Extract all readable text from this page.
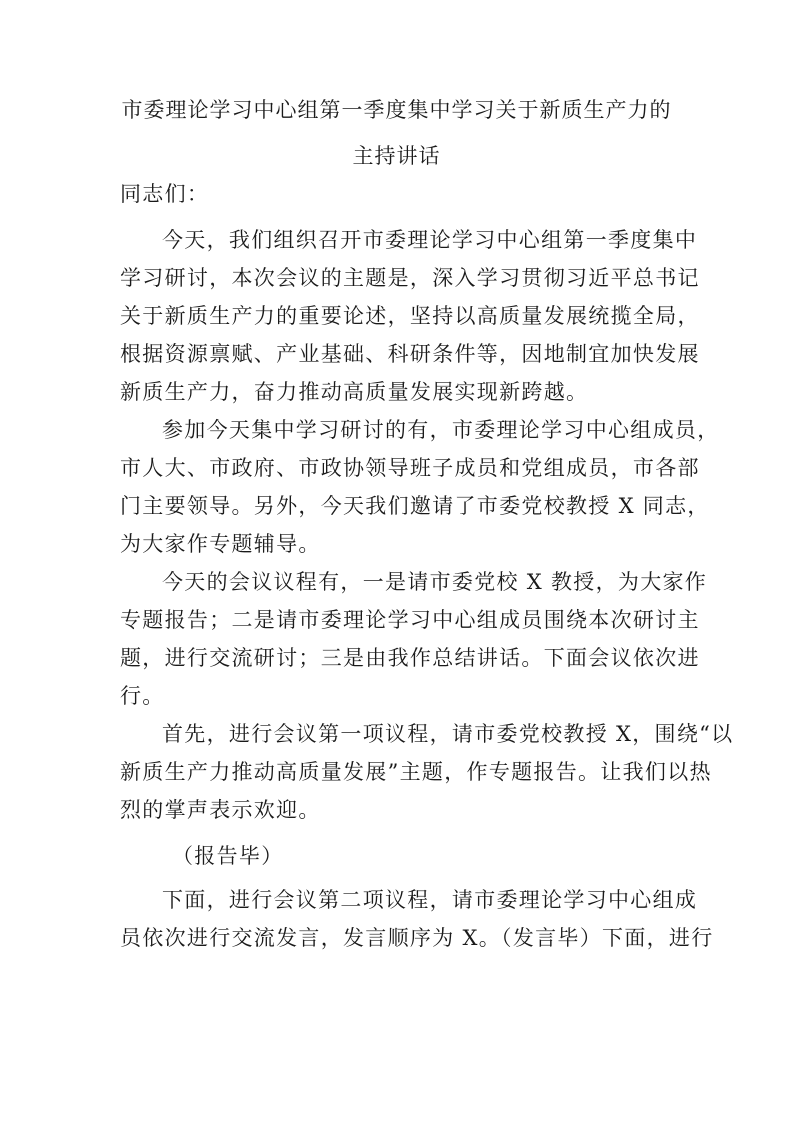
市委理论学习中心组第一季度集中学习关于新质生产力的
主持讲话
同志们：
今天，我们组织召开市委理论学习中心组第一季度集中
学习研讨，本次会议的主题是，深入学习贯彻习近平总书记
关于新质生产力的重要论述，坚持以高质量发展统揽全局，
根据资源禀赋、产业基础、科研条件等，因地制宜加快发展
新质生产力，奋力推动高质量发展实现新跨越。
参加今天集中学习研讨的有，市委理论学习中心组成员，
市人大、市政府、市政协领导班子成员和党组成员，市各部
门主要领导。另外，今天我们邀请了市委党校教授 X 同志，
为大家作专题辅导。
今天的会议议程有，一是请市委党校 X 教授，为大家作
专题报告；二是请市委理论学习中心组成员围绕本次研讨主
题，进行交流研讨；三是由我作总结讲话。下面会议依次进
行。
首先，进行会议第一项议程，请市委党校教授 X，围绕“以
新质生产力推动高质量发展”主题，作专题报告。让我们以热
烈的掌声表示欢迎。
（报告毕）
下面，进行会议第二项议程，请市委理论学习中心组成
员依次进行交流发言，发言顺序为 X。（发言毕）下面，进行
